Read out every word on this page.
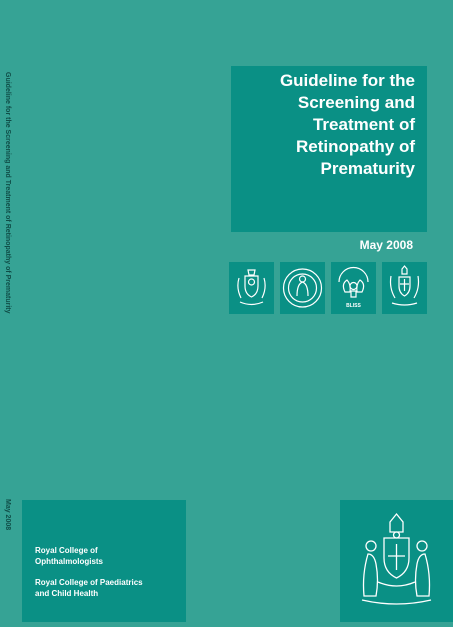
Guideline for the Screening and Treatment of Retinopathy of Prematurity
May 2008
Guideline for the
Screening and
Treatment of
Retinopathy of
Prematurity
May 2008
BLISS
Royal College of
Ophthalmologists
Royal College of Paediatrics
and Child Health
